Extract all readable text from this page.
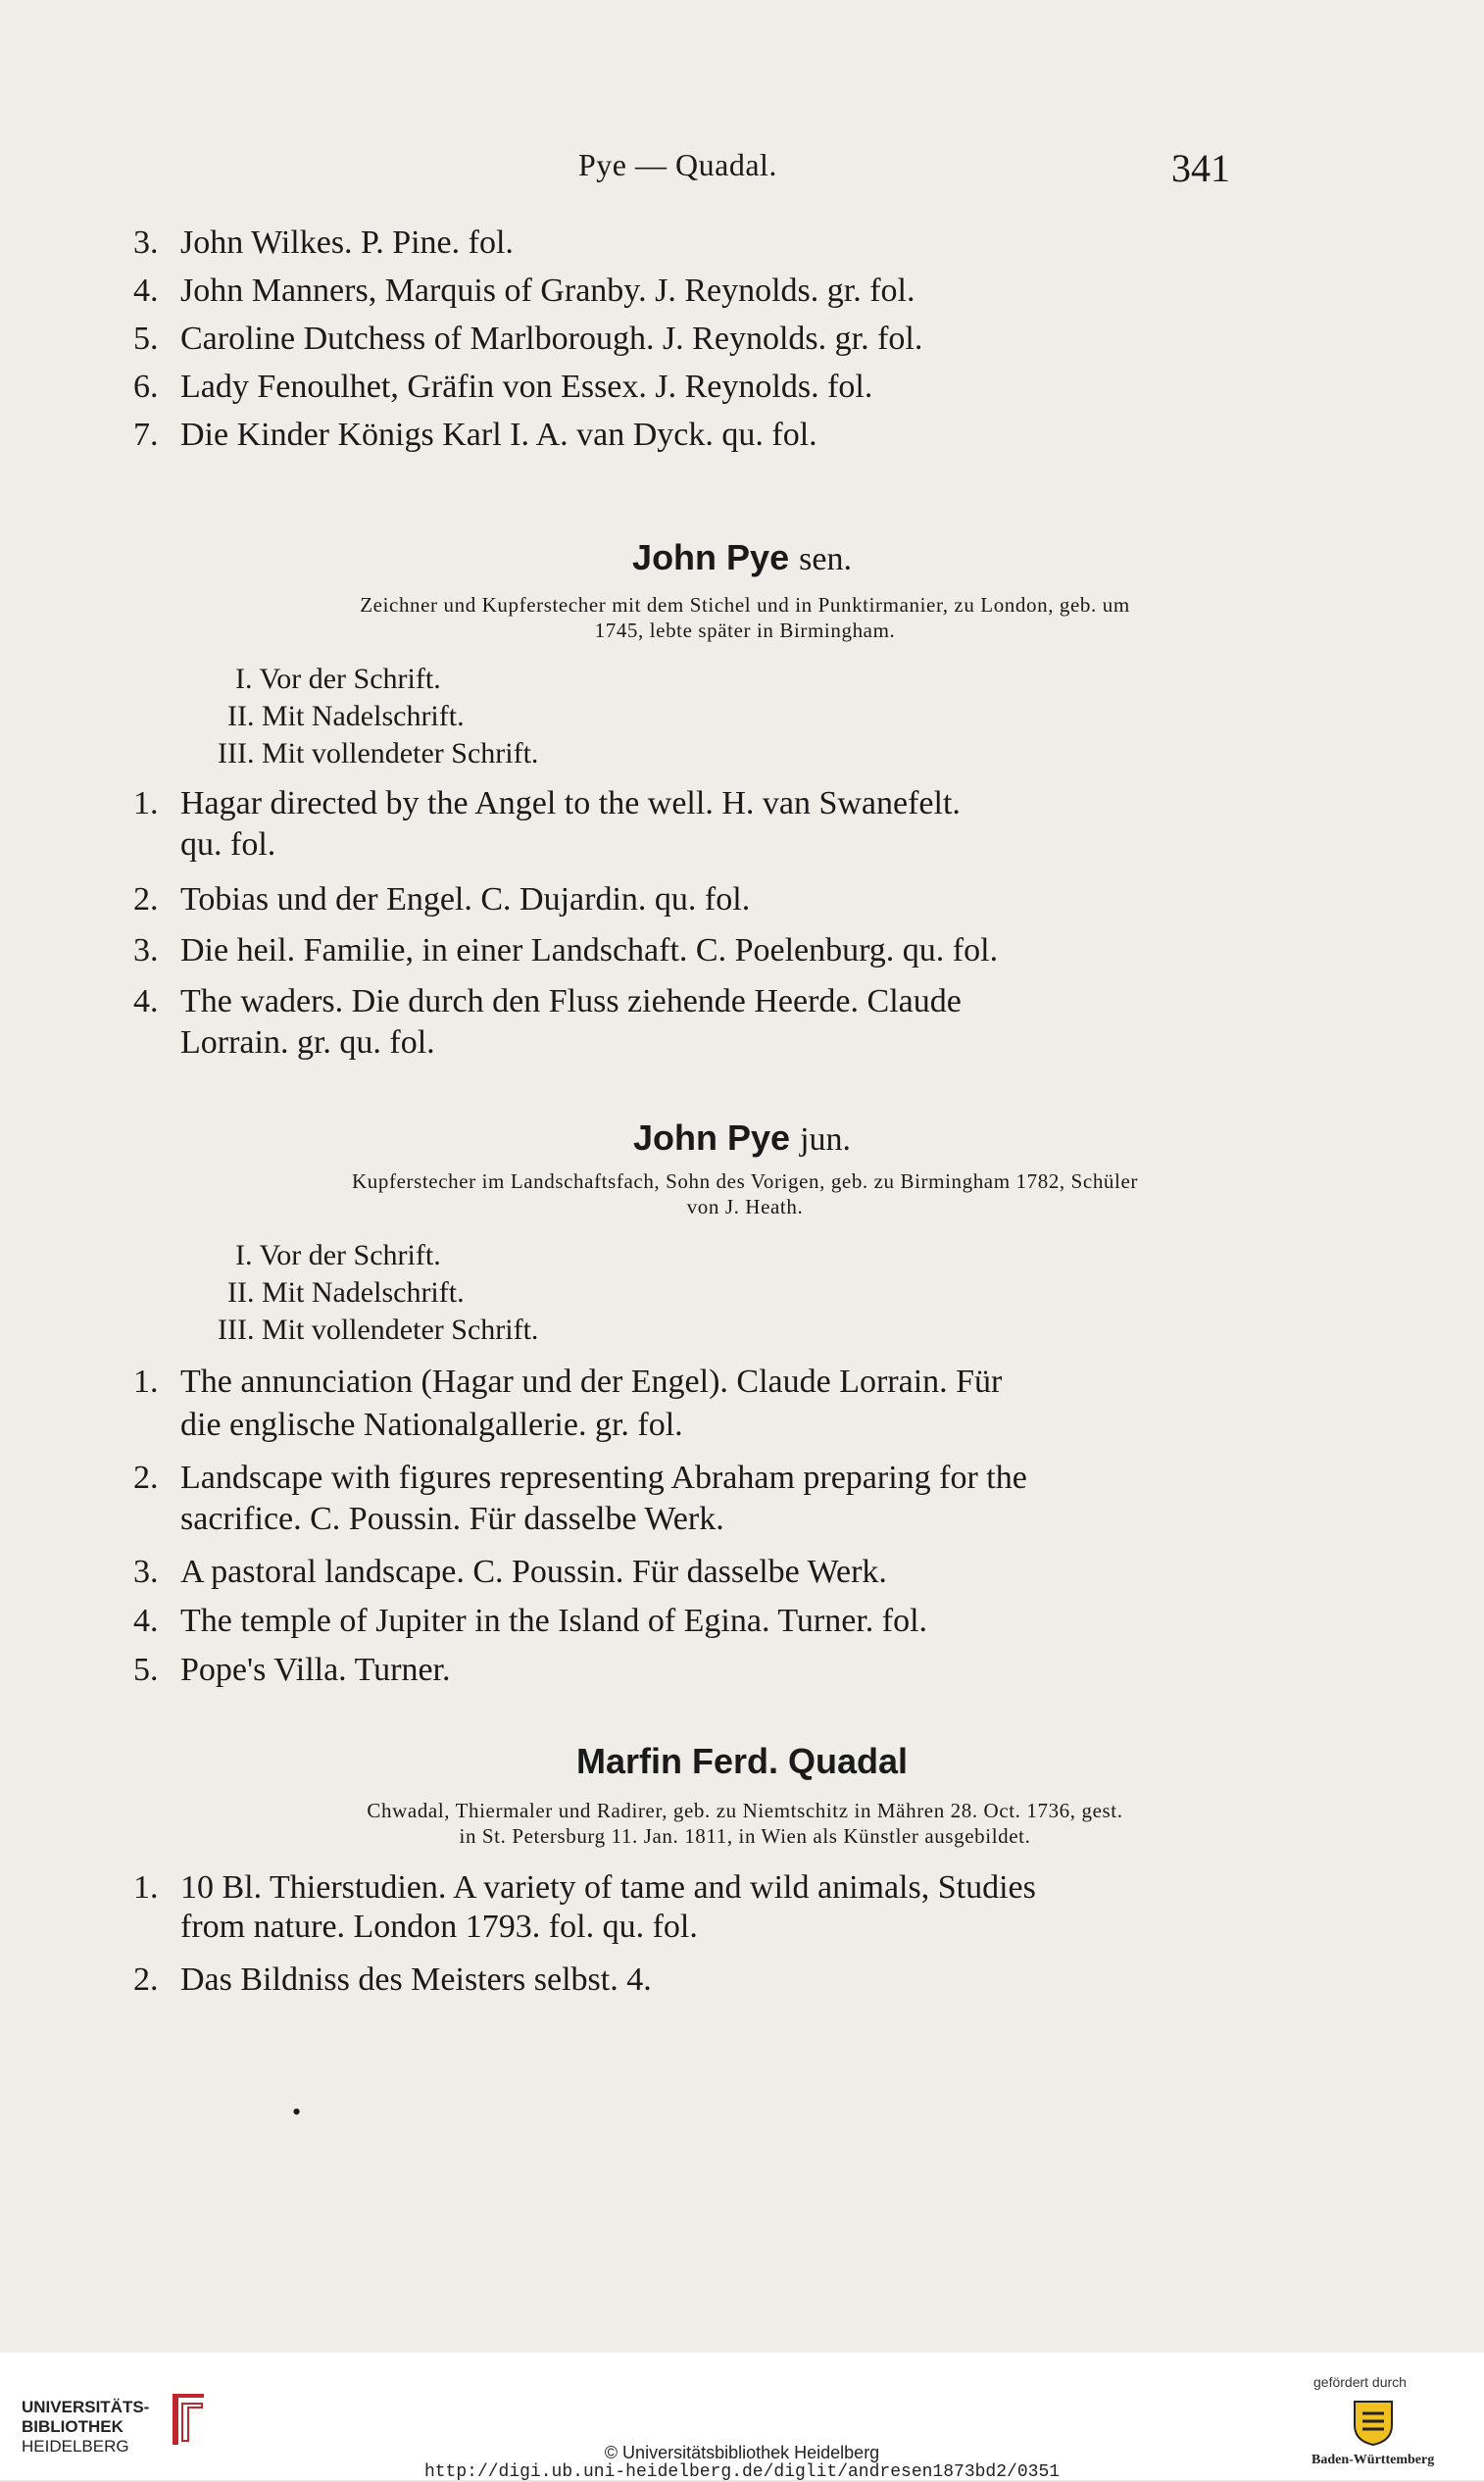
Pye — Quadal.	341
3. John Wilkes. P. Pine. fol.
4. John Manners, Marquis of Granby. J. Reynolds. gr. fol.
5. Caroline Dutchess of Marlborough. J. Reynolds. gr. fol.
6. Lady Fenoulhet, Gräfin von Essex. J. Reynolds. fol.
7. Die Kinder Königs Karl I. A. van Dyck. qu. fol.
John Pye sen.
Zeichner und Kupferstecher mit dem Stichel und in Punktirmanier, zu London, geb. um
1745, lebte später in Birmingham.
I. Vor der Schrift.
II. Mit Nadelschrift.
III. Mit vollendeter Schrift.
1. Hagar directed by the Angel to the well. H. van Swanefelt.
qu. fol.
2. Tobias und der Engel. C. Dujardin. qu. fol.
3. Die heil. Familie, in einer Landschaft. C. Poelenburg. qu. fol.
4. The waders. Die durch den Fluss ziehende Heerde. Claude
Lorrain. gr. qu. fol.
John Pye jun.
Kupferstecher im Landschaftsfach, Sohn des Vorigen, geb. zu Birmingham 1782, Schüler
von J. Heath.
I. Vor der Schrift.
II. Mit Nadelschrift.
III. Mit vollendeter Schrift.
1. The annunciation (Hagar und der Engel). Claude Lorrain. Für
die englische Nationalgallerie. gr. fol.
2. Landscape with figures representing Abraham preparing for the
sacrifice. C. Poussin. Für dasselbe Werk.
3. A pastoral landscape. C. Poussin. Für dasselbe Werk.
4. The temple of Jupiter in the Island of Egina. Turner. fol.
5. Pope's Villa. Turner.
Marfin Ferd. Quadal
Chwadal, Thiermaler und Radirer, geb. zu Niemtschitz in Mähren 28. Oct. 1736, gest.
in St. Petersburg 11. Jan. 1811, in Wien als Künstler ausgebildet.
1. 10 Bl. Thierstudien. A variety of tame and wild animals, Studies
from nature. London 1793. fol. qu. fol.
2. Das Bildniss des Meisters selbst. 4.
•
UNIVERSITÄTS-
BIBLIOTHEK
HEIDELBERG	© Universitätsbibliothek Heidelberg
http://digi.ub.uni-heidelberg.de/diglit/andresen1873bd2/0351
gefördert durch
Baden-Württemberg
